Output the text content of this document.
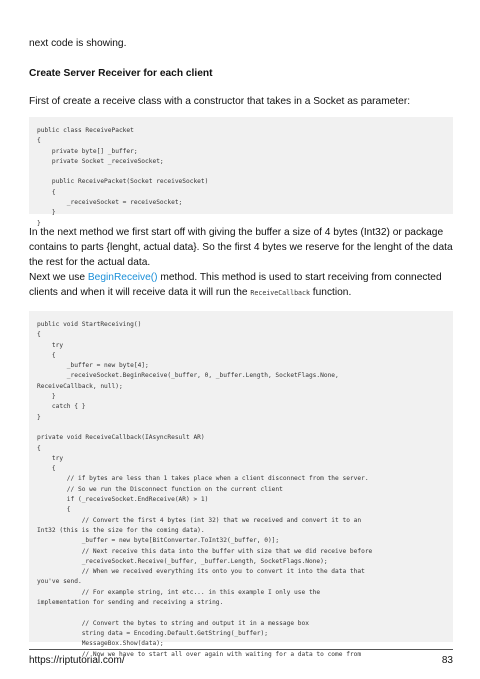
next code is showing.

Create Server Receiver for each client

First of create a receive class with a constructor that takes in a Socket as parameter:

public class ReceivePacket
{
private byte[] _buffer;
private Socket _receiveSocket;

public ReceivePacket(Socket receiveSocket)
{
_receiveSocket = receiveSocket;
}
}

In the next method we first start off with giving the buffer a size of 4 bytes (Int32) or package contains to parts {lenght, actual data}. So the first 4 bytes we reserve for the lenght of the data the rest for the actual data.

Next we use BeginReceive() method. This method is used to start receiving from connected clients and when it will receive data it will run the ReceiveCallback function.

public void StartReceiving()
{
try
{
_buffer = new byte[4];
_receiveSocket.BeginReceive(_buffer, 0, _buffer.Length, SocketFlags.None,
ReceiveCallback, null);
}
catch { }
}

private void ReceiveCallback(IAsyncResult AR)
{
try
{
// if bytes are less than 1 takes place when a client disconnect from the server.
// So we run the Disconnect function on the current client
if (_receiveSocket.EndReceive(AR) > 1)
{
// Convert the first 4 bytes (int 32) that we received and convert it to an
Int32 (this is the size for the coming data).
_buffer = new byte[BitConverter.ToInt32(_buffer, 0)];
// Next receive this data into the buffer with size that we did receive before
_receiveSocket.Receive(_buffer, _buffer.Length, SocketFlags.None);
// When we received everything its onto you to convert it into the data that
you've send.
// For example string, int etc... in this example I only use the
implementation for sending and receiving a string.

// Convert the bytes to string and output it in a message box
string data = Encoding.Default.GetString(_buffer);
MessageBox.Show(data);
// Now we have to start all over again with waiting for a data to come from
https://riptutorial.com/	83
